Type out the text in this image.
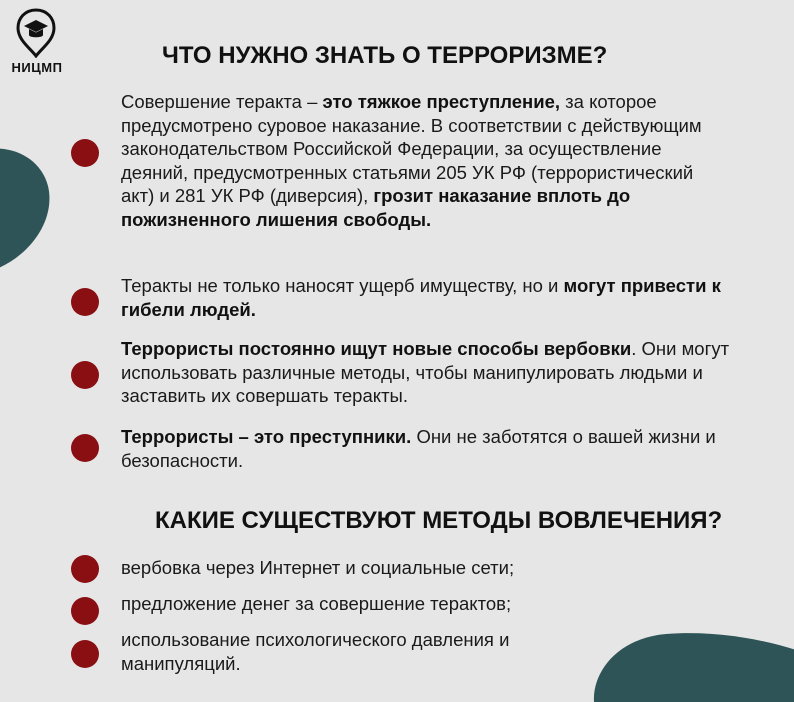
НИЦМП	ЧТО НУЖНО ЗНАТЬ О ТЕРРОРИЗМЕ?

Совершение теракта – это тяжкое преступление, за которое предусмотрено суровое наказание. В соответствии с действующим законодательством Российской Федерации, за осуществление деяний, предусмотренных статьями 205 УК РФ (террористический акт) и 281 УК РФ (диверсия), грозит наказание вплоть до пожизненного лишения свободы.

Теракты не только наносят ущерб имуществу, но и могут привести к гибели людей.

Террористы постоянно ищут новые способы вербовки. Они могут использовать различные методы, чтобы манипулировать людьми и заставить их совершать теракты.

Террористы – это преступники. Они не заботятся о вашей жизни и безопасности.

КАКИЕ СУЩЕСТВУЮТ МЕТОДЫ ВОВЛЕЧЕНИЯ?

вербовка через Интернет и социальные сети;

предложение денег за совершение терактов;

использование психологического давления и манипуляций.
